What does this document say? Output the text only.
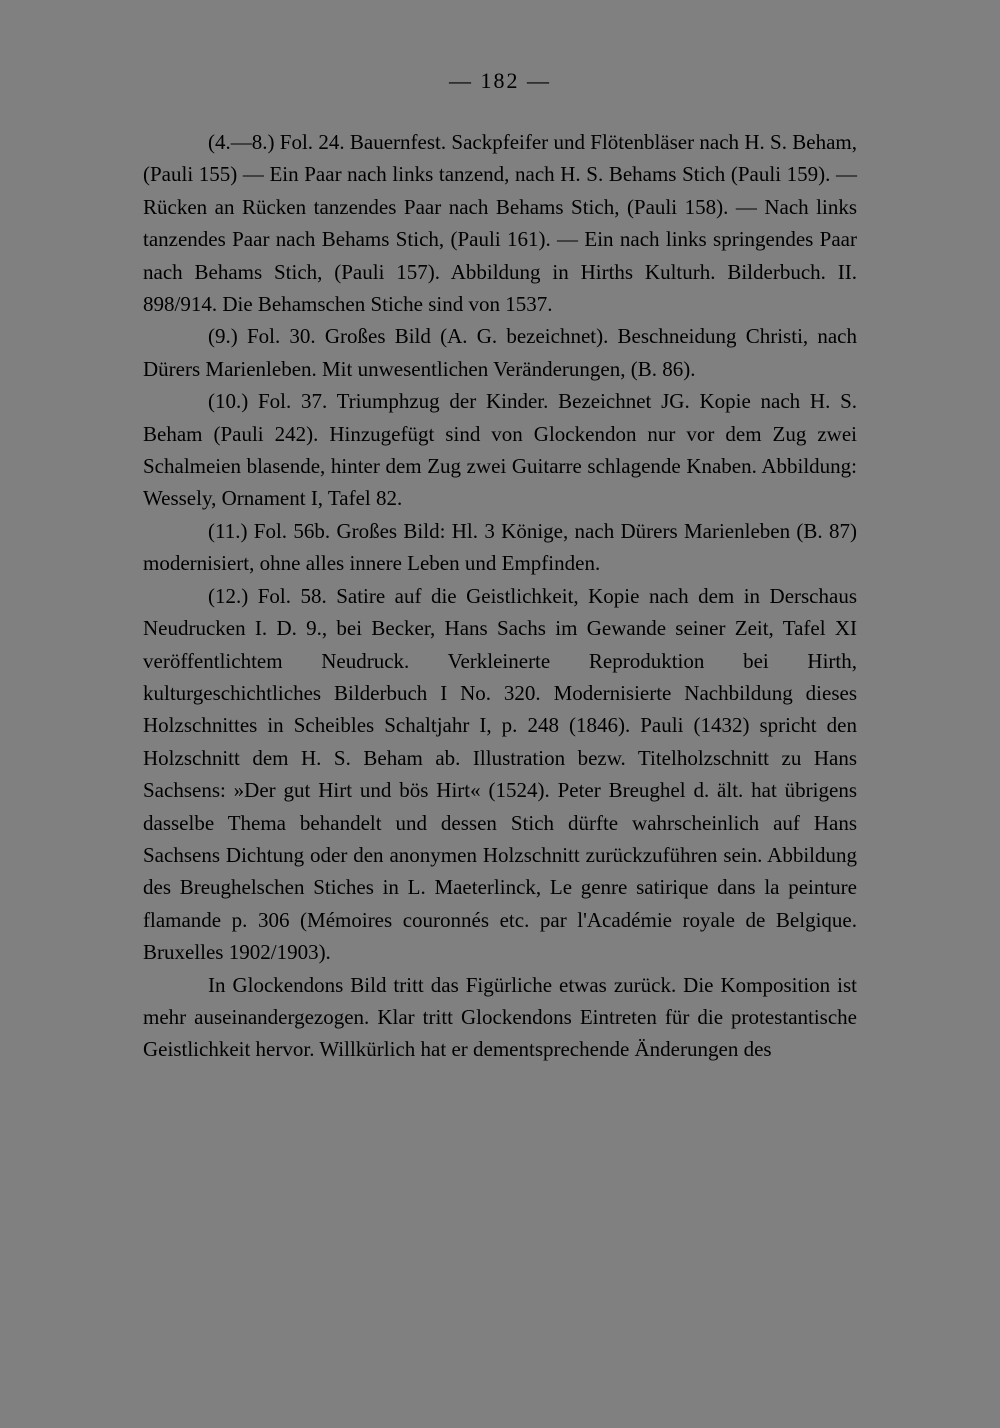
— 182 —

(4.—8.) Fol. 24. Bauernfest. Sackpfeifer und Flötenbläser nach H. S. Beham, (Pauli 155) — Ein Paar nach links tanzend, nach H. S. Behams Stich (Pauli 159). — Rücken an Rücken tanzendes Paar nach Behams Stich, (Pauli 158). — Nach links tanzendes Paar nach Behams Stich, (Pauli 161). — Ein nach links springendes Paar nach Behams Stich, (Pauli 157). Abbildung in Hirths Kulturh. Bilderbuch. II. 898/914. Die Behamschen Stiche sind von 1537.

(9.) Fol. 30. Großes Bild (A. G. bezeichnet). Beschneidung Christi, nach Dürers Marienleben. Mit unwesentlichen Veränderungen, (B. 86).

(10.) Fol. 37. Triumphzug der Kinder. Bezeichnet JG. Kopie nach H. S. Beham (Pauli 242). Hinzugefügt sind von Glockendon nur vor dem Zug zwei Schalmeien blasende, hinter dem Zug zwei Guitarre schlagende Knaben. Abbildung: Wessely, Ornament I, Tafel 82.

(11.) Fol. 56b. Großes Bild: Hl. 3 Könige, nach Dürers Marienleben (B. 87) modernisiert, ohne alles innere Leben und Empfinden.

(12.) Fol. 58. Satire auf die Geistlichkeit, Kopie nach dem in Derschaus Neudrucken I. D. 9., bei Becker, Hans Sachs im Gewande seiner Zeit, Tafel XI veröffentlichtem Neudruck. Verkleinerte Reproduktion bei Hirth, kulturgeschichtliches Bilderbuch I No. 320. Modernisierte Nachbildung dieses Holzschnittes in Scheibles Schaltjahr I, p. 248 (1846). Pauli (1432) spricht den Holzschnitt dem H. S. Beham ab. Illustration bezw. Titelholzschnitt zu Hans Sachsens: »Der gut Hirt und bös Hirt« (1524). Peter Breughel d. ält. hat übrigens dasselbe Thema behandelt und dessen Stich dürfte wahrscheinlich auf Hans Sachsens Dichtung oder den anonymen Holzschnitt zurückzuführen sein. Abbildung des Breughelschen Stiches in L. Maeterlinck, Le genre satirique dans la peinture flamande p. 306 (Mémoires couronnés etc. par l'Académie royale de Belgique. Bruxelles 1902/1903).

In Glockendons Bild tritt das Figürliche etwas zurück. Die Komposition ist mehr auseinandergezogen. Klar tritt Glockendons Eintreten für die protestantische Geistlichkeit hervor. Willkürlich hat er dementsprechende Änderungen des
